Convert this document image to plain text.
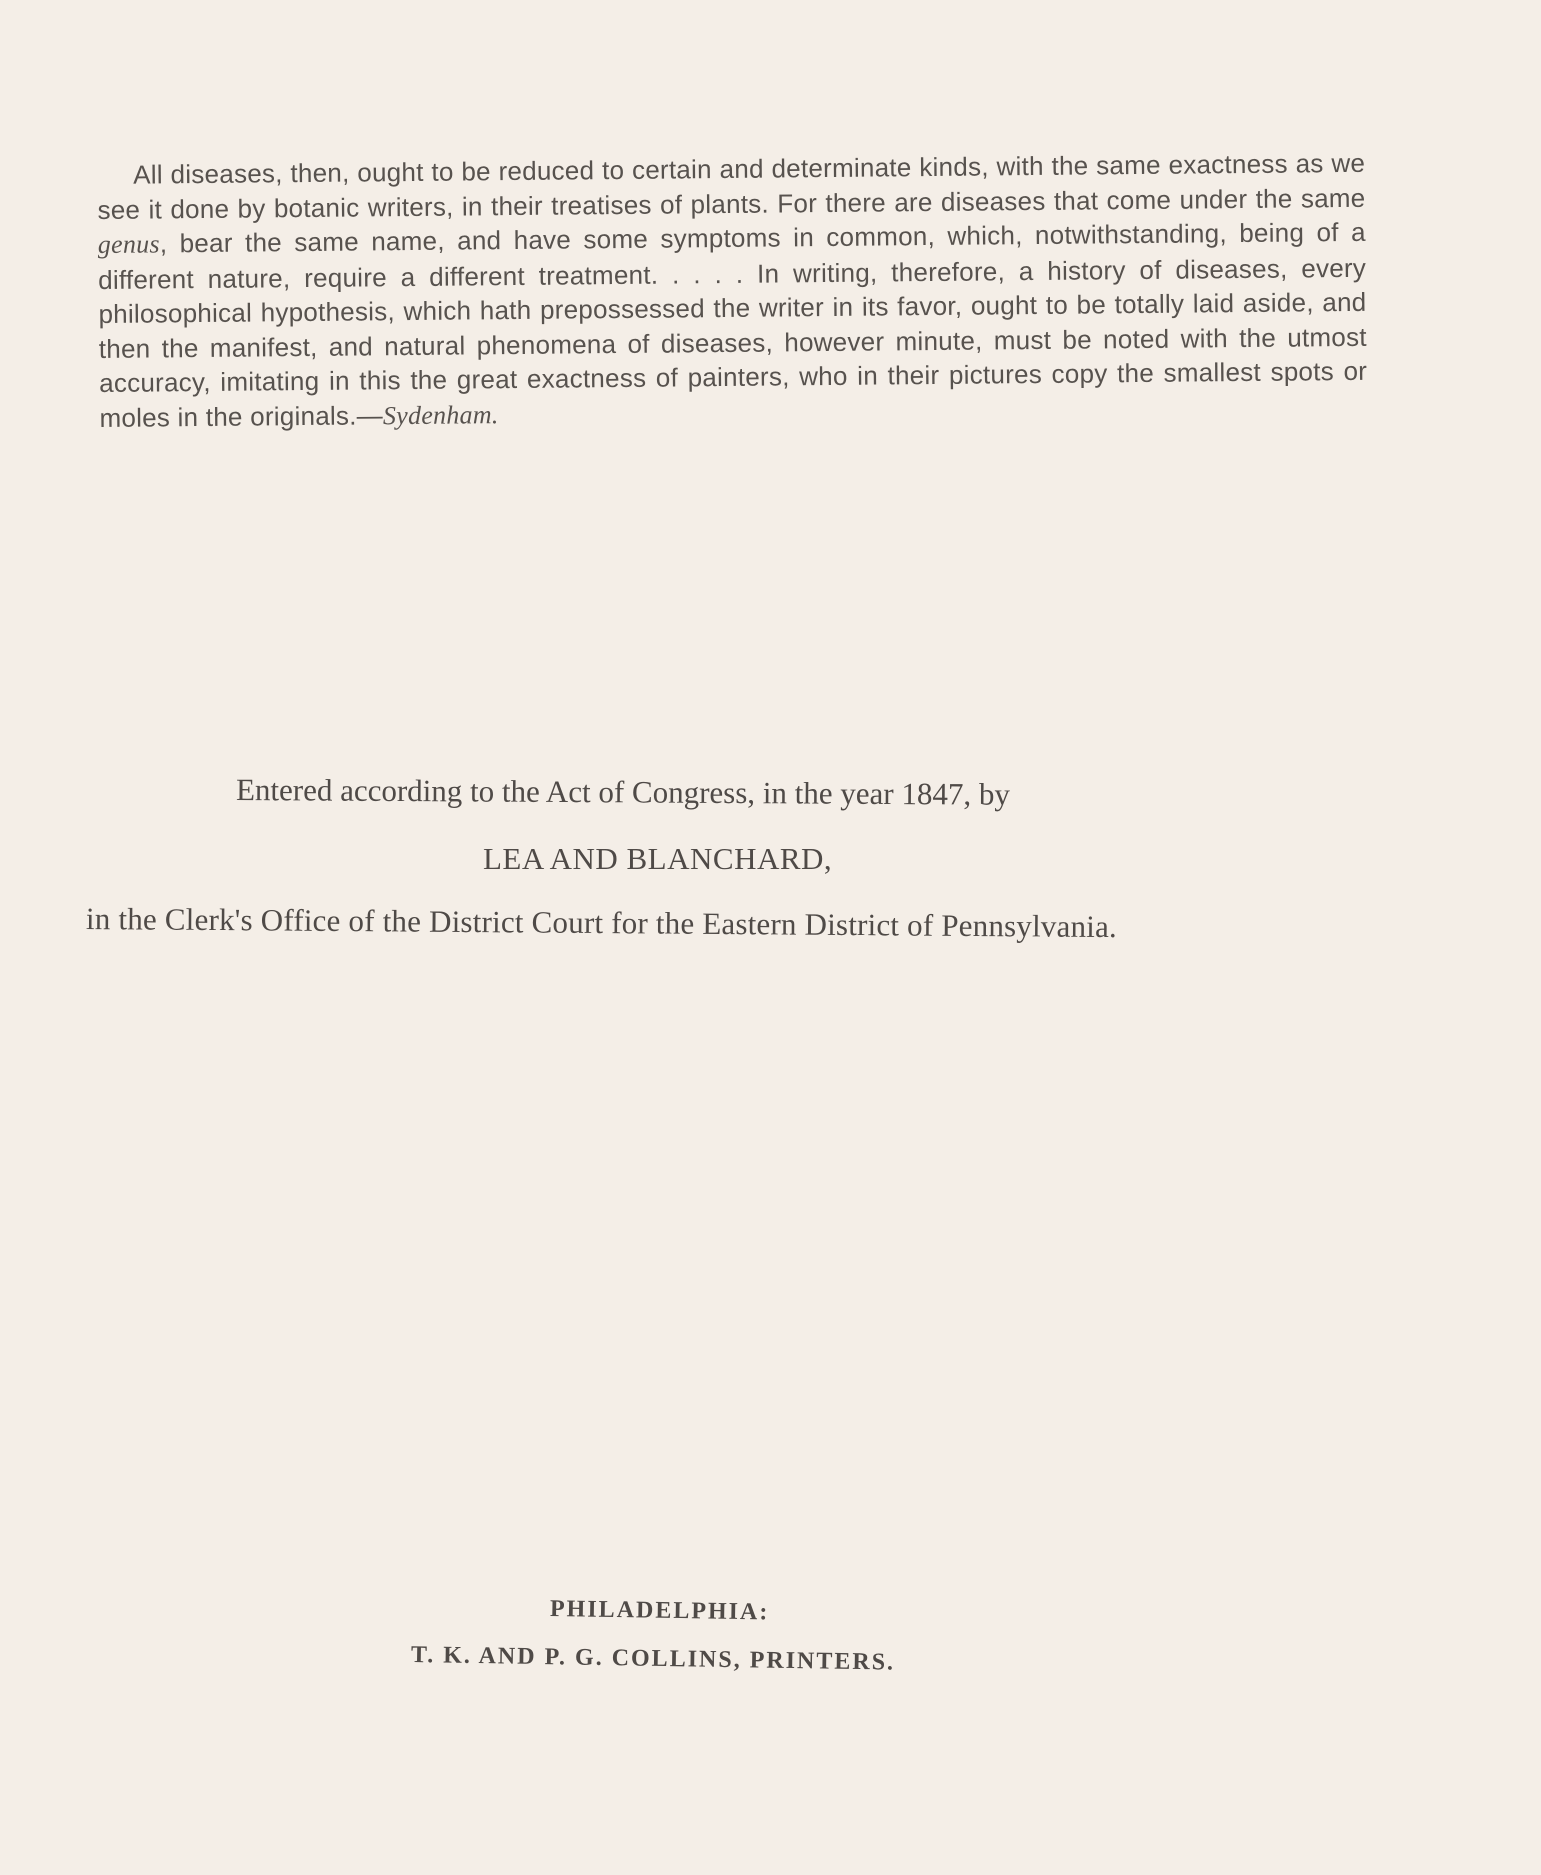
All diseases, then, ought to be reduced to certain and determinate kinds, with the same exactness as we see it done by botanic writers, in their treatises of plants. For there are diseases that come under the same genus, bear the same name, and have some symptoms in common, which, notwithstanding, being of a different nature, require a different treatment. . . . . In writing, therefore, a history of diseases, every philosophical hypothesis, which hath prepossessed the writer in its favor, ought to be totally laid aside, and then the manifest, and natural phenomena of diseases, however minute, must be noted with the utmost accuracy, imitating in this the great exactness of painters, who in their pictures copy the smallest spots or moles in the originals.—Sydenham.

Entered according to the Act of Congress, in the year 1847, by
LEA AND BLANCHARD,
in the Clerk's Office of the District Court for the Eastern District of Pennsylvania.
PHILADELPHIA:
T. K. AND P. G. COLLINS, PRINTERS.
